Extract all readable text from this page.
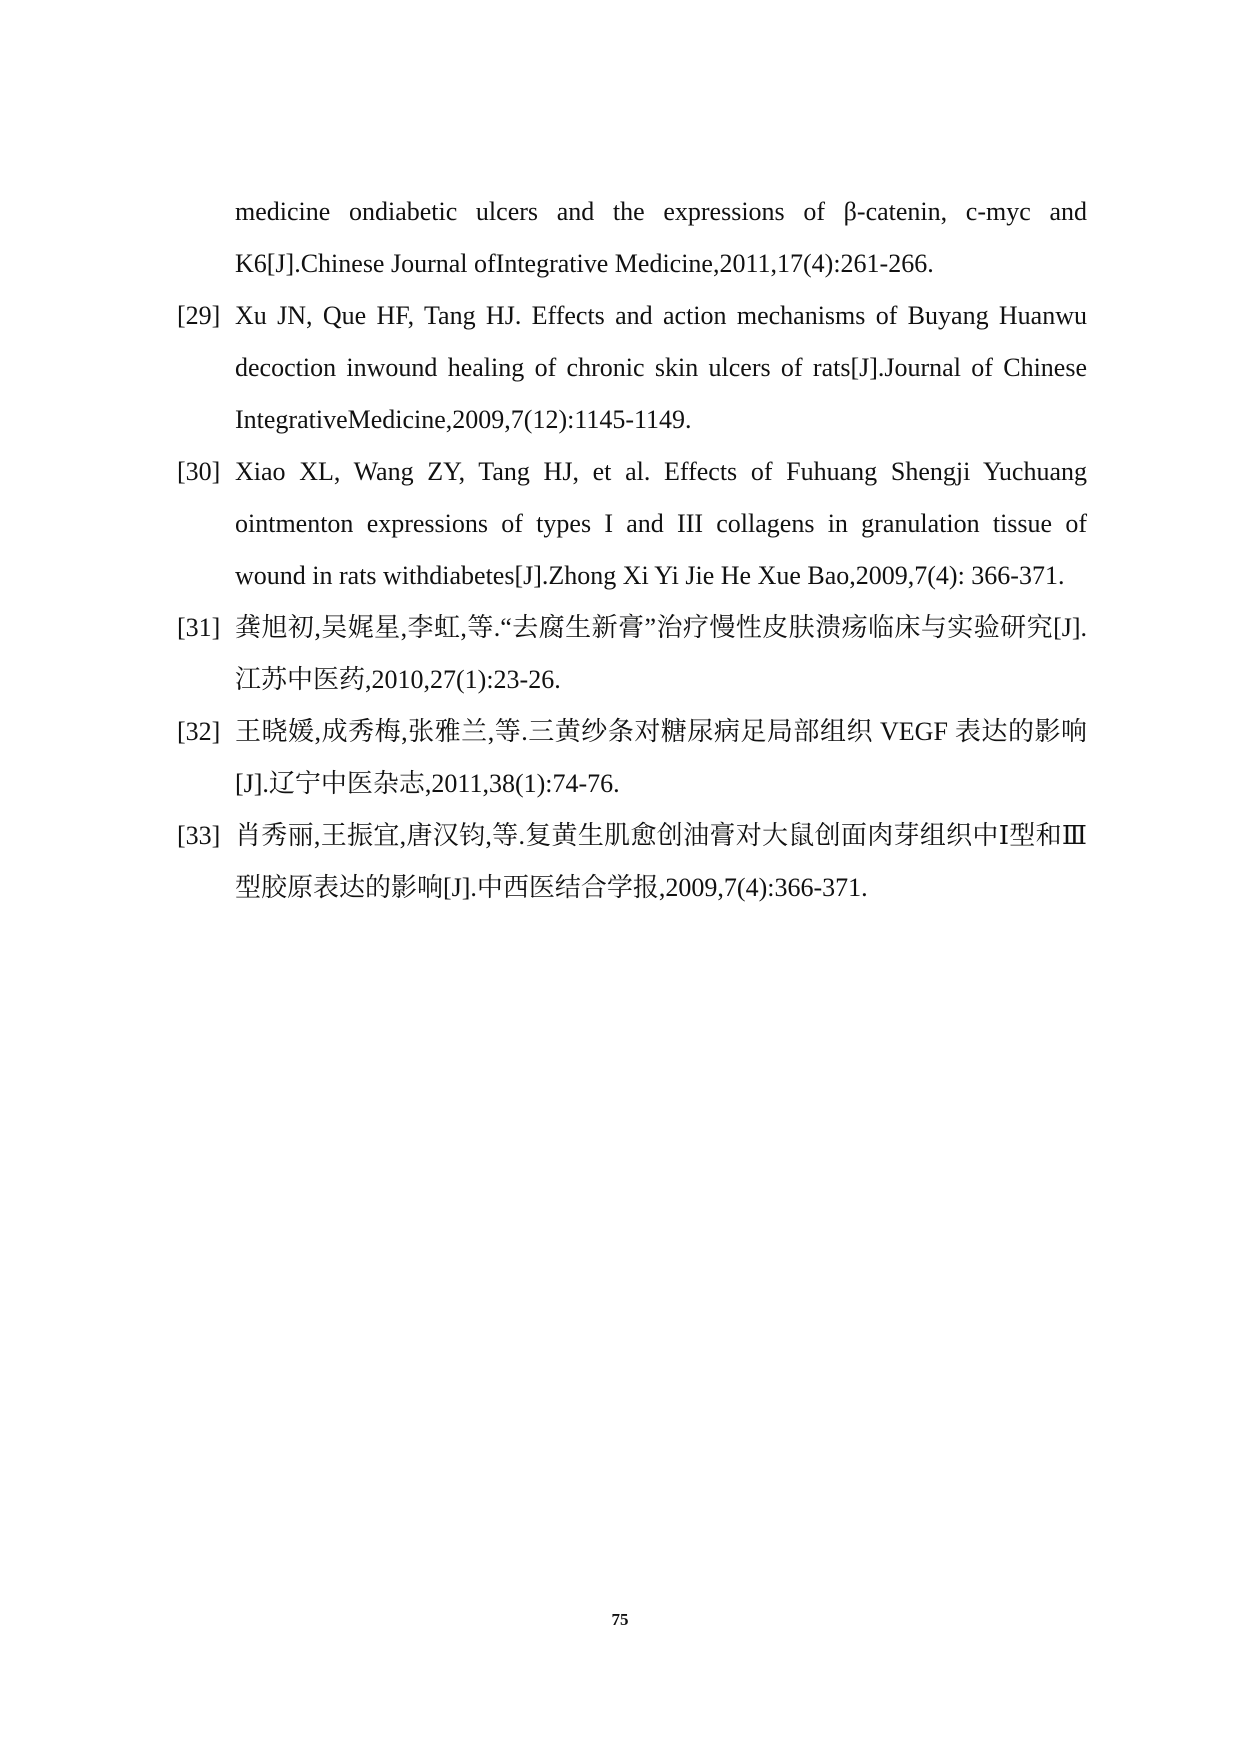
medicine ondiabetic ulcers and the expressions of β-catenin, c-myc and K6[J].Chinese Journal ofIntegrative Medicine,2011,17(4):261-266.
[29] Xu JN, Que HF, Tang HJ. Effects and action mechanisms of Buyang Huanwu decoction inwound healing of chronic skin ulcers of rats[J].Journal of Chinese IntegrativeMedicine,2009,7(12):1145-1149.
[30] Xiao XL, Wang ZY, Tang HJ, et al. Effects of Fuhuang Shengji Yuchuang ointmenton expressions of types I and III collagens in granulation tissue of wound in rats withdiabetes[J].Zhong Xi Yi Jie He Xue Bao,2009,7(4): 366-371.
[31] 龚旭初,吴娓星,李虹,等.“去腐生新膏”治疗慢性皮肤溃疡临床与实验研究[J].江苏中医药,2010,27(1):23-26.
[32] 王晓媛,成秀梅,张雅兰,等.三黄纱条对糖尿病足局部组织 VEGF 表达的影响[J].辽宁中医杂志,2011,38(1):74-76.
[33] 肖秀丽,王振宜,唐汉钧,等.复黄生肌愈创油膏对大鼠创面肉芽组织中Ⅰ型和Ⅲ型胶原表达的影响[J].中西医结合学报,2009,7(4):366-371.
75
